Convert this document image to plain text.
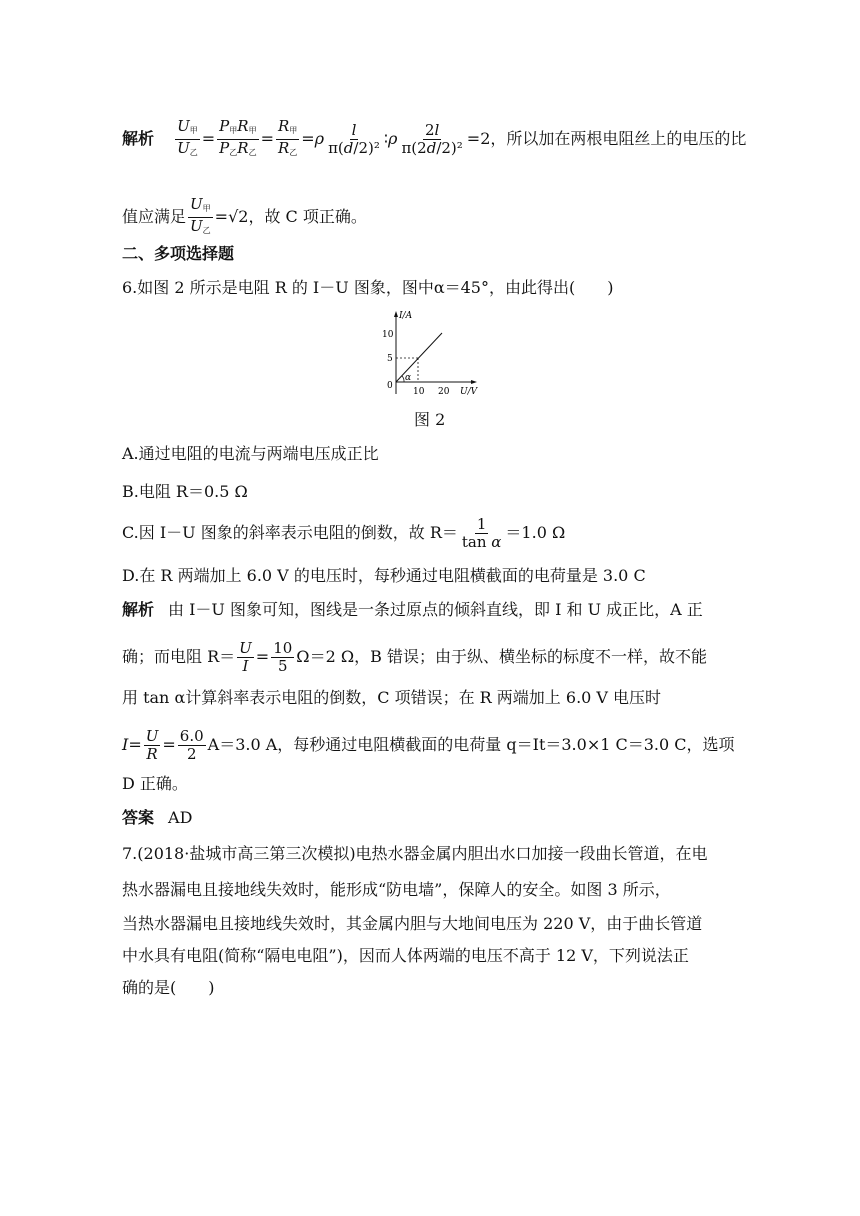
解析 $\frac{U_甲}{U_乙} = \frac{P_甲R_甲}{P_乙R_乙} = \frac{R_甲}{R_乙} =\rho \frac{l}{\text{π(d/2)²}}$ ∶ρ $\frac{2l}{\text{π(2d/2)²}} =2$，所以加在两根电阻丝上的电压的比
值应满足 $\frac{U_甲}{U_乙} =√2$，故 C 项正确。
二、多项选择题
6.如图 2 所示是电阻 R 的 I－U 图象，图中α＝45°，由此得出(　　)
α
I/A
U/V
10
5
0
10 20
图 2
A.通过电阻的电流与两端电压成正比
B.电阻 R＝0.5 Ω
C.因 I－U 图象的斜率表示电阻的倒数，故 $R= \frac{1}{\text{tan α}} =1.0$ Ω
D.在 R 两端加上 6.0 V 的电压时，每秒通过电阻横截面的电荷量是 3.0 C
解析 由 I－U 图象可知，图线是一条过原点的倾斜直线，即 I 和 U 成正比，A 正
确；而电阻 $R= \frac{U}{I} = \frac{10}{5} \Omega=2$ Ω，B 错误；由于纵、横坐标的标度不一样，故不能
用 tan α计算斜率表示电阻的倒数，C 项错误；在 R 两端加上 6.0 V 电压时
$I= \frac{U}{R} = \frac{6.0}{2} A=3.0$ A，每秒通过电阻横截面的电荷量 q＝It＝3.0×1 C＝3.0 C，选项
D 正确。
答案 AD
7.(2018·盐城市高三第三次模拟)电热水器金属内胆出水口加接一段曲长管道，在电
热水器漏电且接地线失效时，能形成“防电墙”，保障人的安全。如图 3 所示，
当热水器漏电且接地线失效时，其金属内胆与大地间电压为 220 V，由于曲长管道
中水具有电阻(简称“隔电电阻”)，因而人体两端的电压不高于 12 V，下列说法正
确的是(　　)
